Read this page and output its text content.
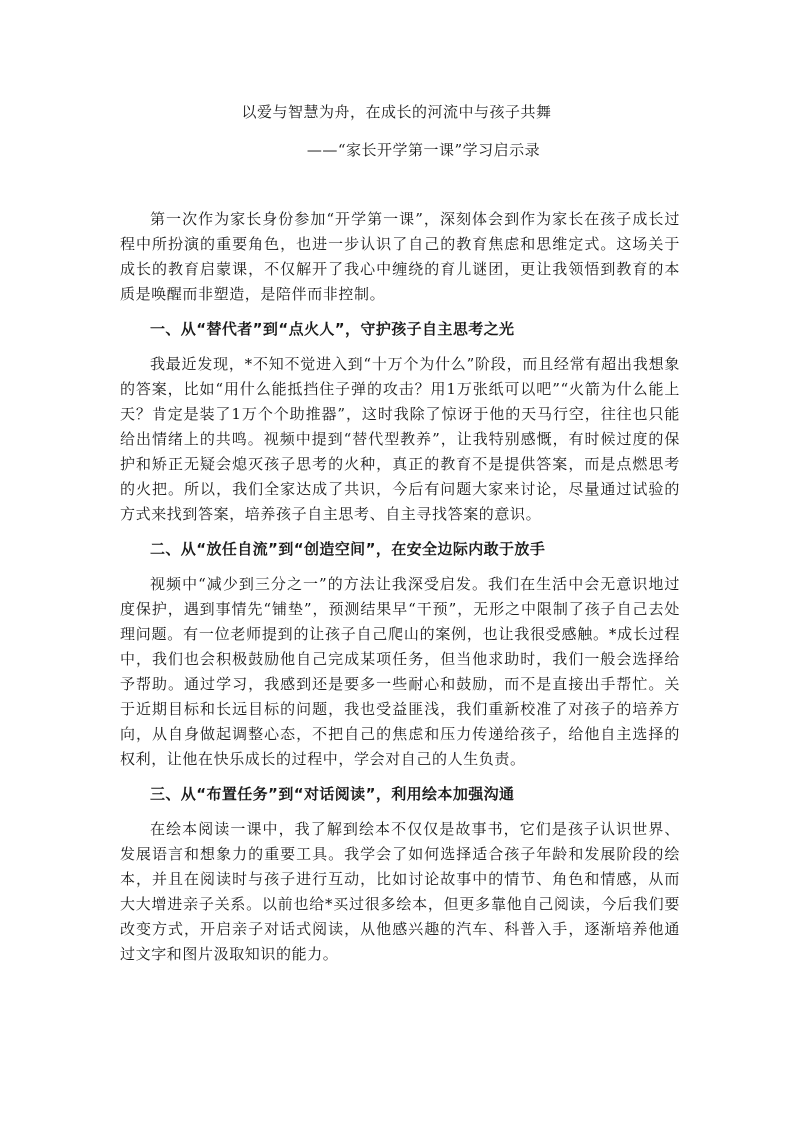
以爱与智慧为舟，在成长的河流中与孩子共舞
——“家长开学第一课”学习启示录

第一次作为家长身份参加“开学第一课”，深刻体会到作为家长在孩子成长过程中所扮演的重要角色，也进一步认识了自己的教育焦虑和思维定式。这场关于成长的教育启蒙课，不仅解开了我心中缠绕的育儿谜团，更让我领悟到教育的本质是唤醒而非塑造，是陪伴而非控制。

一、从“替代者”到“点火人”，守护孩子自主思考之光

我最近发现，*不知不觉进入到“十万个为什么”阶段，而且经常有超出我想象的答案，比如“用什么能抵挡住子弹的攻击？用1万张纸可以吧”“火箭为什么能上天？肯定是装了1万个个助推器”，这时我除了惊讶于他的天马行空，往往也只能给出情绪上的共鸣。视频中提到“替代型教养”，让我特别感慨，有时候过度的保护和矫正无疑会熄灭孩子思考的火种，真正的教育不是提供答案，而是点燃思考的火把。所以，我们全家达成了共识，今后有问题大家来讨论，尽量通过试验的方式来找到答案，培养孩子自主思考、自主寻找答案的意识。

二、从“放任自流”到“创造空间”，在安全边际内敢于放手

视频中“减少到三分之一”的方法让我深受启发。我们在生活中会无意识地过度保护，遇到事情先“铺垫”，预测结果早“干预”，无形之中限制了孩子自己去处理问题。有一位老师提到的让孩子自己爬山的案例，也让我很受感触。*成长过程中，我们也会积极鼓励他自己完成某项任务，但当他求助时，我们一般会选择给予帮助。通过学习，我感到还是要多一些耐心和鼓励，而不是直接出手帮忙。关于近期目标和长远目标的问题，我也受益匪浅，我们重新校准了对孩子的培养方向，从自身做起调整心态，不把自己的焦虑和压力传递给孩子，给他自主选择的权利，让他在快乐成长的过程中，学会对自己的人生负责。

三、从“布置任务”到“对话阅读”，利用绘本加强沟通

在绘本阅读一课中，我了解到绘本不仅仅是故事书，它们是孩子认识世界、发展语言和想象力的重要工具。我学会了如何选择适合孩子年龄和发展阶段的绘本，并且在阅读时与孩子进行互动，比如讨论故事中的情节、角色和情感，从而大大增进亲子关系。以前也给*买过很多绘本，但更多靠他自己阅读，今后我们要改变方式，开启亲子对话式阅读，从他感兴趣的汽车、科普入手，逐渐培养他通过文字和图片汲取知识的能力。
